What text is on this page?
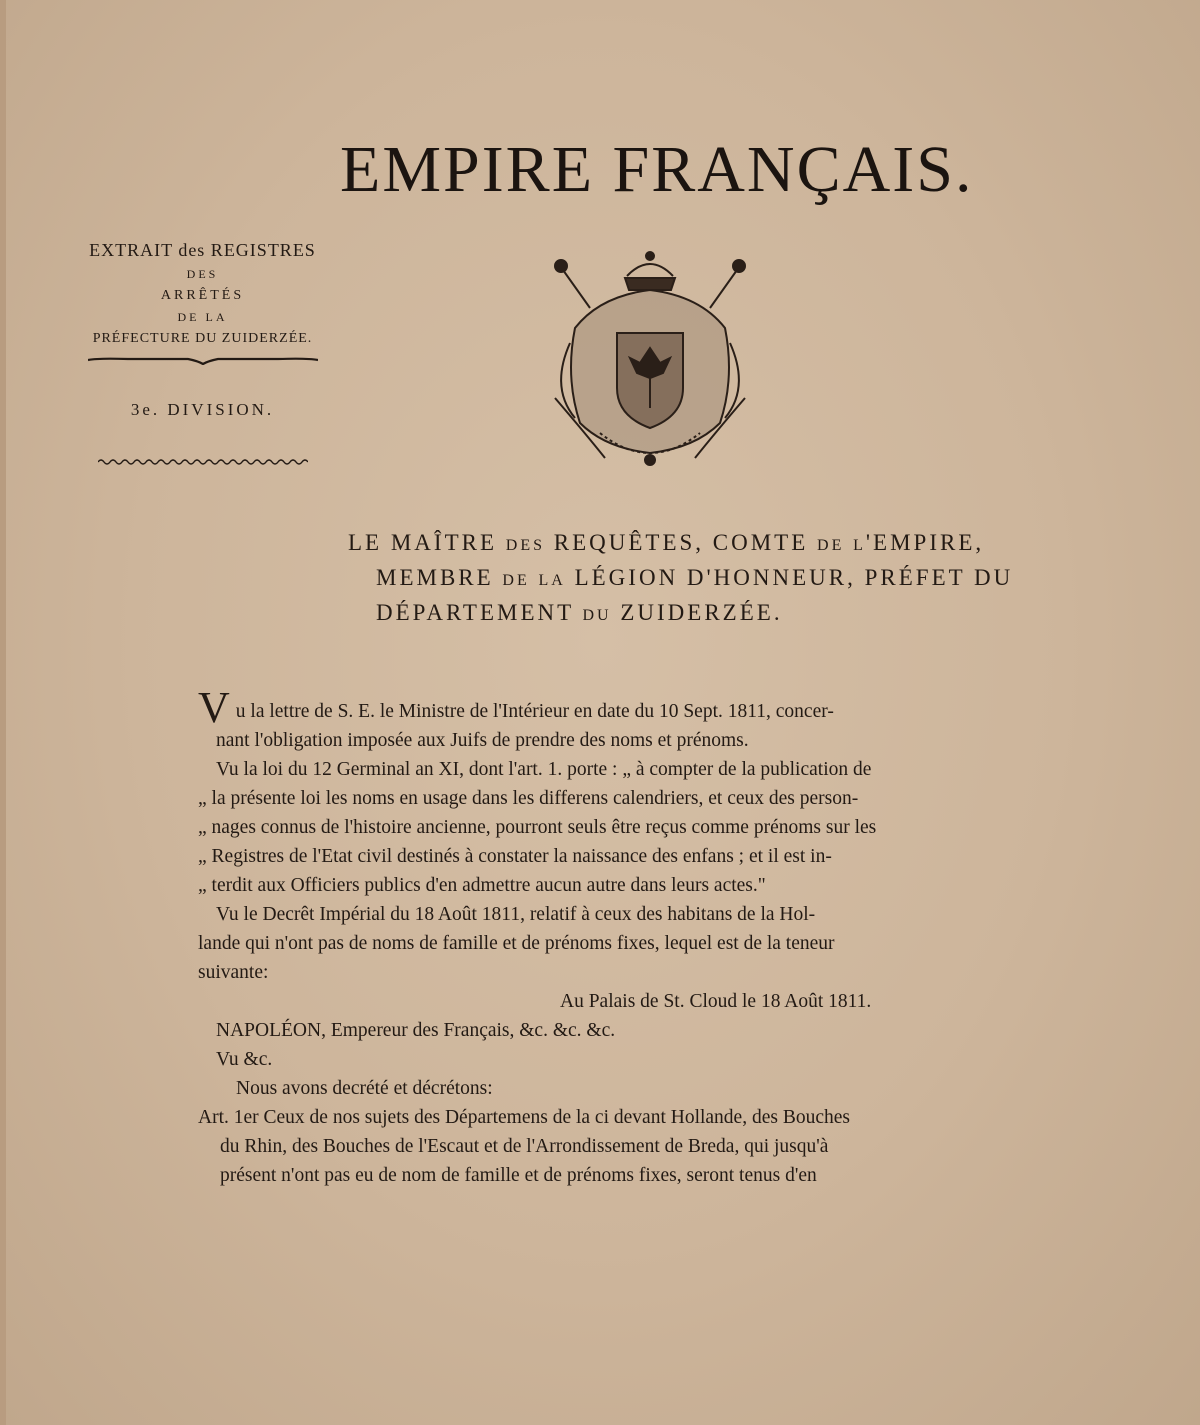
EMPIRE FRANÇAIS.
EXTRAIT des REGISTRES
DES
ARRÊTÉS
DE LA
PRÉFECTURE DU ZUIDERZÉE.
3e. DIVISION.
LE MAÎTRE des REQUÊTES, COMTE de l'EMPIRE,
MEMBRE de la LÉGION D'HONNEUR, PRÉFET DU
DÉPARTEMENT du ZUIDERZÉE.

Vu la lettre de S. E. le Ministre de l'Intérieur en date du 10 Sept. 1811, concer-

nant l'obligation imposée aux Juifs de prendre des noms et prénoms.

Vu la loi du 12 Germinal an XI, dont l'art. 1. porte : „ à compter de la publication de

„ la présente loi les noms en usage dans les differens calendriers, et ceux des person-

„ nages connus de l'histoire ancienne, pourront seuls être reçus comme prénoms sur les

„ Registres de l'Etat civil destinés à constater la naissance des enfans ; et il est in-

„ terdit aux Officiers publics d'en admettre aucun autre dans leurs actes."

Vu le Decrêt Impérial du 18 Août 1811, relatif à ceux des habitans de la Hol-

lande qui n'ont pas de noms de famille et de prénoms fixes, lequel est de la teneur

suivante:

Au Palais de St. Cloud le 18 Août 1811.

NAPOLÉON, Empereur des Français, &c. &c. &c.

Vu &c.

Nous avons decrété et décrétons:

Art. 1er Ceux de nos sujets des Départemens de la ci devant Hollande, des Bouches

du Rhin, des Bouches de l'Escaut et de l'Arrondissement de Breda, qui jusqu'à

présent n'ont pas eu de nom de famille et de prénoms fixes, seront tenus d'en
